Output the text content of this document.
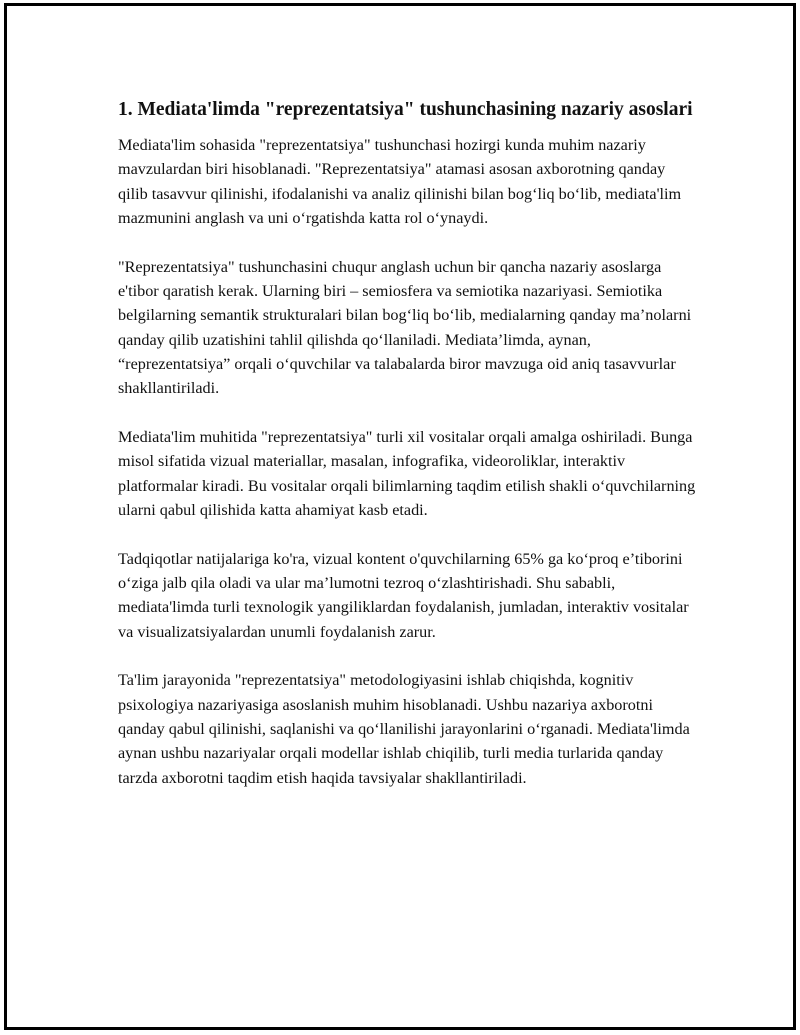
1. Mediata'limda "reprezentatsiya" tushunchasining nazariy asoslari

Mediata'lim sohasida "reprezentatsiya" tushunchasi hozirgi kunda muhim nazariy mavzulardan biri hisoblanadi. "Reprezentatsiya" atamasi asosan axborotning qanday qilib tasavvur qilinishi, ifodalanishi va analiz qilinishi bilan bog‘liq bo‘lib, mediata'lim mazmunini anglash va uni o‘rgatishda katta rol o‘ynaydi.

"Reprezentatsiya" tushunchasini chuqur anglash uchun bir qancha nazariy asoslarga e'tibor qaratish kerak. Ularning biri – semiosfera va semiotika nazariyasi. Semiotika belgilarning semantik strukturalari bilan bog‘liq bo‘lib, medialarning qanday ma’nolarni qanday qilib uzatishini tahlil qilishda qo‘llaniladi. Mediata’limda, aynan, “reprezentatsiya” orqali o‘quvchilar va talabalarda biror mavzuga oid aniq tasavvurlar shakllantiriladi.

Mediata'lim muhitida "reprezentatsiya" turli xil vositalar orqali amalga oshiriladi. Bunga misol sifatida vizual materiallar, masalan, infografika, videoroliklar, interaktiv platformalar kiradi. Bu vositalar orqali bilimlarning taqdim etilish shakli o‘quvchilarning ularni qabul qilishida katta ahamiyat kasb etadi.

Tadqiqotlar natijalariga ko'ra, vizual kontent o'quvchilarning 65% ga ko‘proq e’tiborini o‘ziga jalb qila oladi va ular ma’lumotni tezroq o‘zlashtirishadi. Shu sababli, mediata'limda turli texnologik yangiliklardan foydalanish, jumladan, interaktiv vositalar va visualizatsiyalardan unumli foydalanish zarur.

Ta'lim jarayonida "reprezentatsiya" metodologiyasini ishlab chiqishda, kognitiv psixologiya nazariyasiga asoslanish muhim hisoblanadi. Ushbu nazariya axborotni qanday qabul qilinishi, saqlanishi va qo‘llanilishi jarayonlarini o‘rganadi. Mediata'limda aynan ushbu nazariyalar orqali modellar ishlab chiqilib, turli media turlarida qanday tarzda axborotni taqdim etish haqida tavsiyalar shakllantiriladi.
